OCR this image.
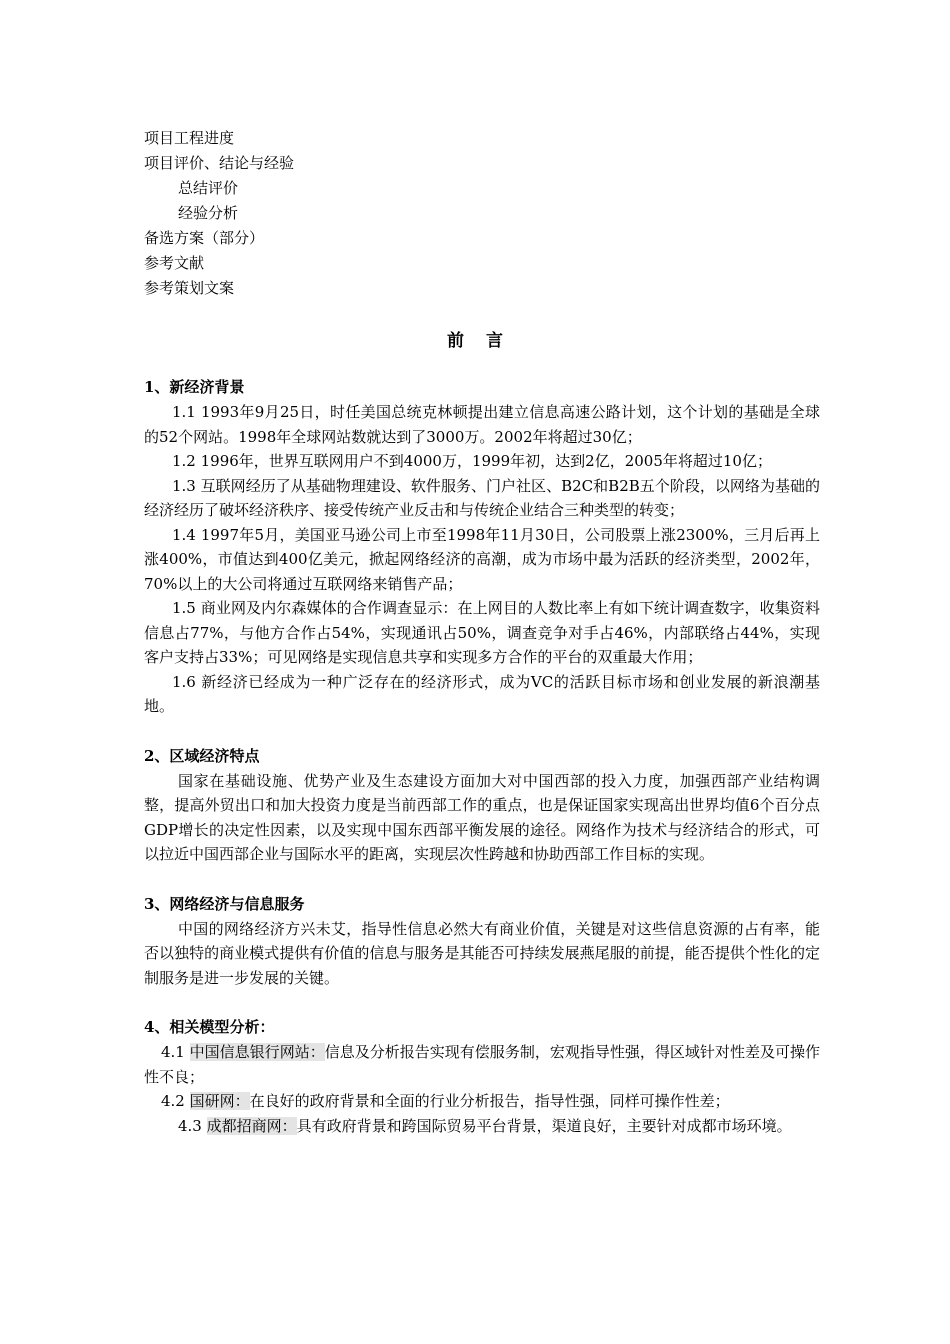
项目工程进度
项目评价、结论与经验
总结评价
经验分析
备选方案（部分）
参考文献
参考策划文案
前言
1、新经济背景
1.1 1993年9月25日，时任美国总统克林顿提出建立信息高速公路计划，这个计划的基础是全球的52个网站。1998年全球网站数就达到了3000万。2002年将超过30亿；
1.2 1996年，世界互联网用户不到4000万，1999年初，达到2亿，2005年将超过10亿；
1.3 互联网经历了从基础物理建设、软件服务、门户社区、B2C和B2B五个阶段，以网络为基础的经济经历了破坏经济秩序、接受传统产业反击和与传统企业结合三种类型的转变；
1.4 1997年5月，美国亚马逊公司上市至1998年11月30日，公司股票上涨2300%，三月后再上涨400%，市值达到400亿美元，掀起网络经济的高潮，成为市场中最为活跃的经济类型，2002年，70%以上的大公司将通过互联网络来销售产品；
1.5 商业网及内尔森媒体的合作调查显示：在上网目的人数比率上有如下统计调查数字，收集资料信息占77%，与他方合作占54%，实现通讯占50%，调查竞争对手占46%，内部联络占44%，实现客户支持占33%；可见网络是实现信息共享和实现多方合作的平台的双重最大作用；
1.6 新经济已经成为一种广泛存在的经济形式，成为VC的活跃目标市场和创业发展的新浪潮基地。
2、区域经济特点
国家在基础设施、优势产业及生态建设方面加大对中国西部的投入力度，加强西部产业结构调整，提高外贸出口和加大投资力度是当前西部工作的重点，也是保证国家实现高出世界均值6个百分点GDP增长的决定性因素，以及实现中国东西部平衡发展的途径。网络作为技术与经济结合的形式，可以拉近中国西部企业与国际水平的距离，实现层次性跨越和协助西部工作目标的实现。
3、网络经济与信息服务
中国的网络经济方兴未艾，指导性信息必然大有商业价值，关键是对这些信息资源的占有率，能否以独特的商业模式提供有价值的信息与服务是其能否可持续发展燕尾服的前提，能否提供个性化的定制服务是进一步发展的关键。
4、相关模型分析：
4.1 中国信息银行网站：信息及分析报告实现有偿服务制，宏观指导性强，得区域针对性差及可操作性不良；
4.2 国研网：在良好的政府背景和全面的行业分析报告，指导性强，同样可操作性差；
4.3 成都招商网：具有政府背景和跨国际贸易平台背景，渠道良好，主要针对成都市场环境。
